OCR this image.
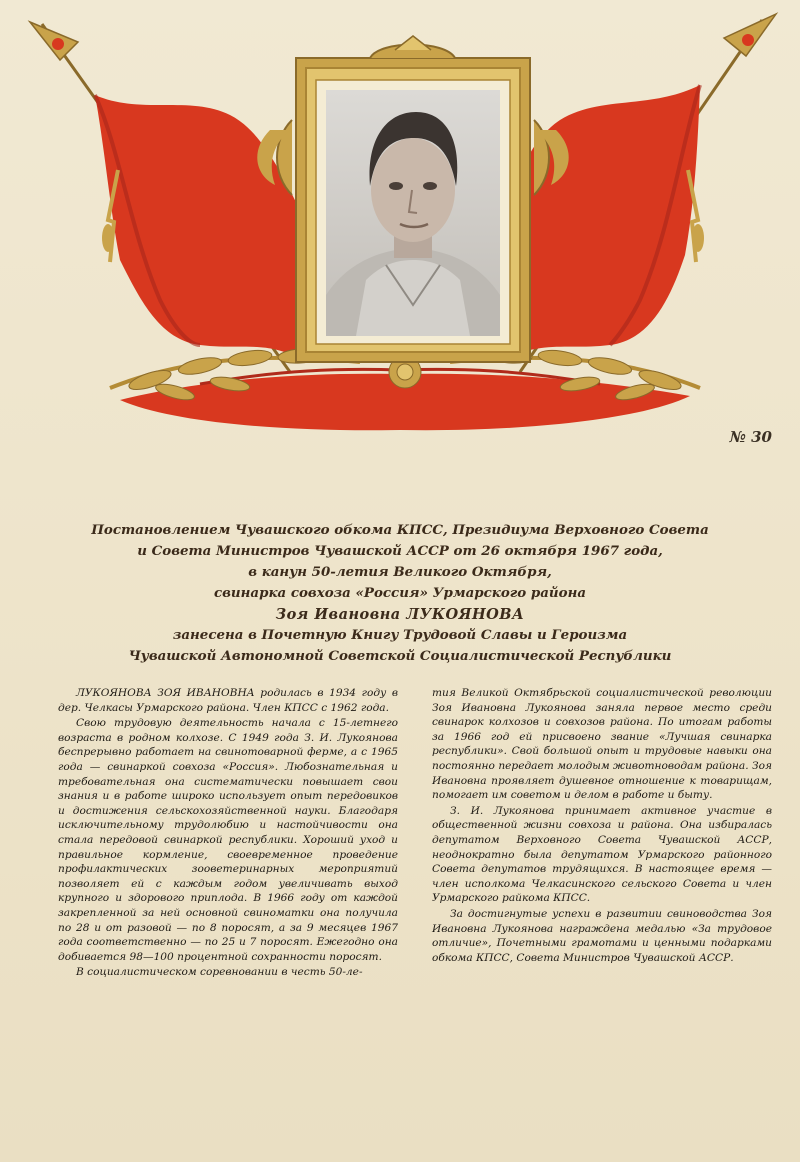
№ 30
Постановлением Чувашского обкома КПСС, Президиума Верховного Совета
и Совета Министров Чувашской АССР от 26 октября 1967 года,
в канун 50-летия Великого Октября,
свинарка совхоза «Россия» Урмарского района
Зоя Ивановна ЛУКОЯНОВА
занесена в Почетную Книгу Трудовой Славы и Героизма
Чувашской Автономной Советской Социалистической Республики

ЛУКОЯНОВА ЗОЯ ИВАНОВНА родилась в 1934 году в дер. Челкасы Урмарского района. Член КПСС с 1962 года.

Свою трудовую деятельность начала с 15-летнего возраста в родном колхозе. С 1949 года З. И. Лукоянова беспрерывно работает на свинотоварной ферме, а с 1965 года — свинаркой совхоза «Россия». Любознательная и требовательная она систематически повышает свои знания и в работе широко использует опыт передовиков и достижения сельскохозяйственной науки. Благодаря исключительному трудолюбию и настойчивости она стала передовой свинаркой республики. Хороший уход и правильное кормление, своевременное проведение профилактических зооветеринарных мероприятий позволяет ей с каждым годом увеличивать выход крупного и здорового приплода. В 1966 году от каждой закрепленной за ней основной свиноматки она получила по 28 и от разовой — по 8 поросят, а за 9 месяцев 1967 года соответственно — по 25 и 7 поросят. Ежегодно она добивается 98—100 процентной сохранности поросят.

В социалистическом соревновании в честь 50-ле-

тия Великой Октябрьской социалистической революции Зоя Ивановна Лукоянова заняла первое место среди свинарок колхозов и совхозов района. По итогам работы за 1966 год ей присвоено звание «Лучшая свинарка республики». Свой большой опыт и трудовые навыки она постоянно передает молодым животноводам района. Зоя Ивановна проявляет душевное отношение к товарищам, помогает им советом и делом в работе и быту.

З. И. Лукоянова принимает активное участие в общественной жизни совхоза и района. Она избиралась депутатом Верховного Совета Чувашской АССР, неоднократно была депутатом Урмарского районного Совета депутатов трудящихся. В настоящее время — член исполкома Челкасинского сельского Совета и член Урмарского райкома КПСС.

За достигнутые успехи в развитии свиноводства Зоя Ивановна Лукоянова награждена медалью «За трудовое отличие», Почетными грамотами и ценными подарками обкома КПСС, Совета Министров Чувашской АССР.
